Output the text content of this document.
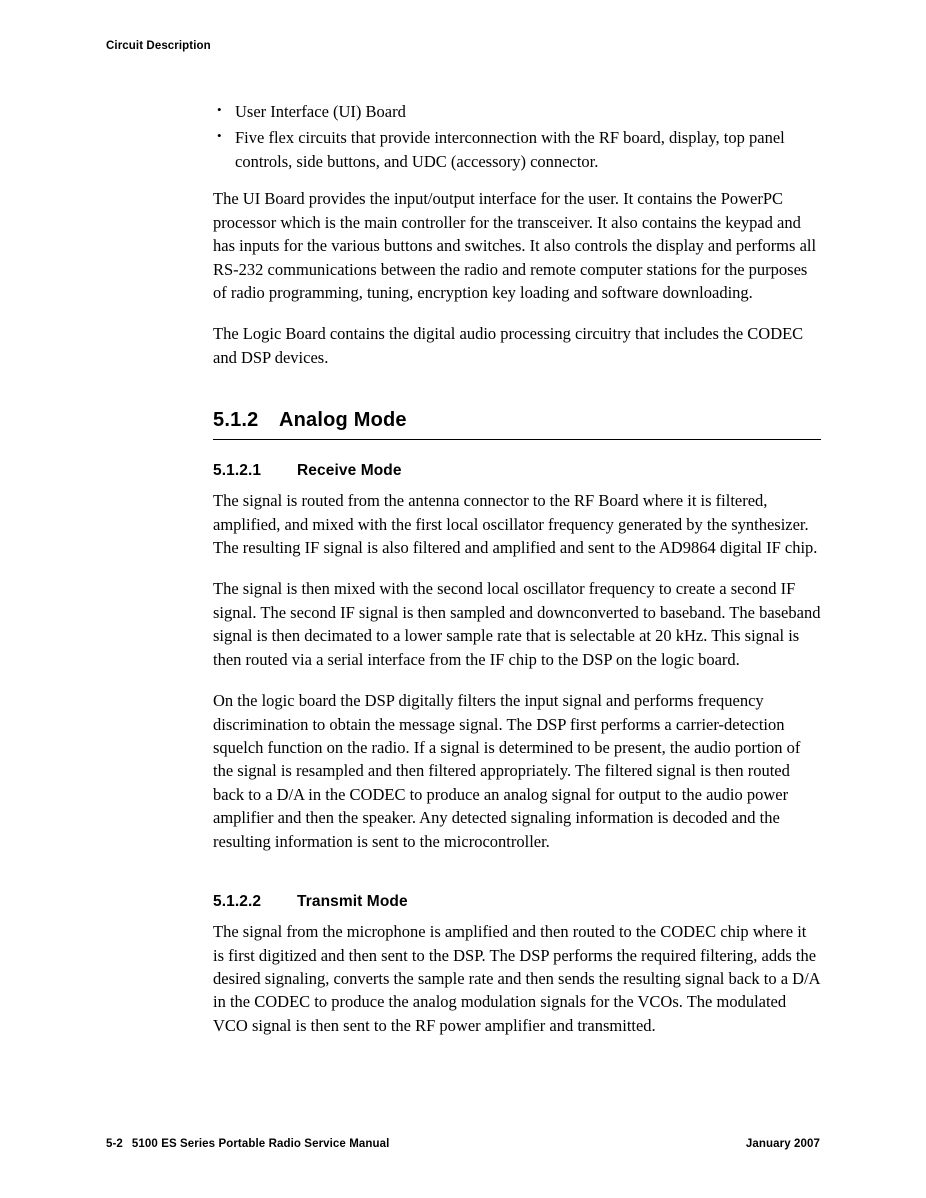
Circuit Description
• User Interface (UI) Board
• Five flex circuits that provide interconnection with the RF board, display, top panel controls, side buttons, and UDC (accessory) connector.

The UI Board provides the input/output interface for the user. It contains the PowerPC processor which is the main controller for the transceiver. It also contains the keypad and has inputs for the various buttons and switches. It also controls the display and performs all RS-232 communications between the radio and remote computer stations for the purposes of radio programming, tuning, encryption key loading and software downloading.

The Logic Board contains the digital audio processing circuitry that includes the CODEC and DSP devices.

5.1.2 Analog Mode
5.1.2.1 Receive Mode

The signal is routed from the antenna connector to the RF Board where it is filtered, amplified, and mixed with the first local oscillator frequency generated by the synthesizer. The resulting IF signal is also filtered and amplified and sent to the AD9864 digital IF chip.

The signal is then mixed with the second local oscillator frequency to create a second IF signal. The second IF signal is then sampled and downconverted to baseband. The baseband signal is then decimated to a lower sample rate that is selectable at 20 kHz. This signal is then routed via a serial interface from the IF chip to the DSP on the logic board.

On the logic board the DSP digitally filters the input signal and performs frequency discrimination to obtain the message signal. The DSP first performs a carrier-detection squelch function on the radio. If a signal is determined to be present, the audio portion of the signal is resampled and then filtered appropriately. The filtered signal is then routed back to a D/A in the CODEC to produce an analog signal for output to the audio power amplifier and then the speaker. Any detected signaling information is decoded and the resulting information is sent to the microcontroller.

5.1.2.2 Transmit Mode

The signal from the microphone is amplified and then routed to the CODEC chip where it is first digitized and then sent to the DSP. The DSP performs the required filtering, adds the desired signaling, converts the sample rate and then sends the resulting signal back to a D/A in the CODEC to produce the analog modulation signals for the VCOs. The modulated VCO signal is then sent to the RF power amplifier and transmitted.

5-2 5100 ES Series Portable Radio Service Manual	January 2007
